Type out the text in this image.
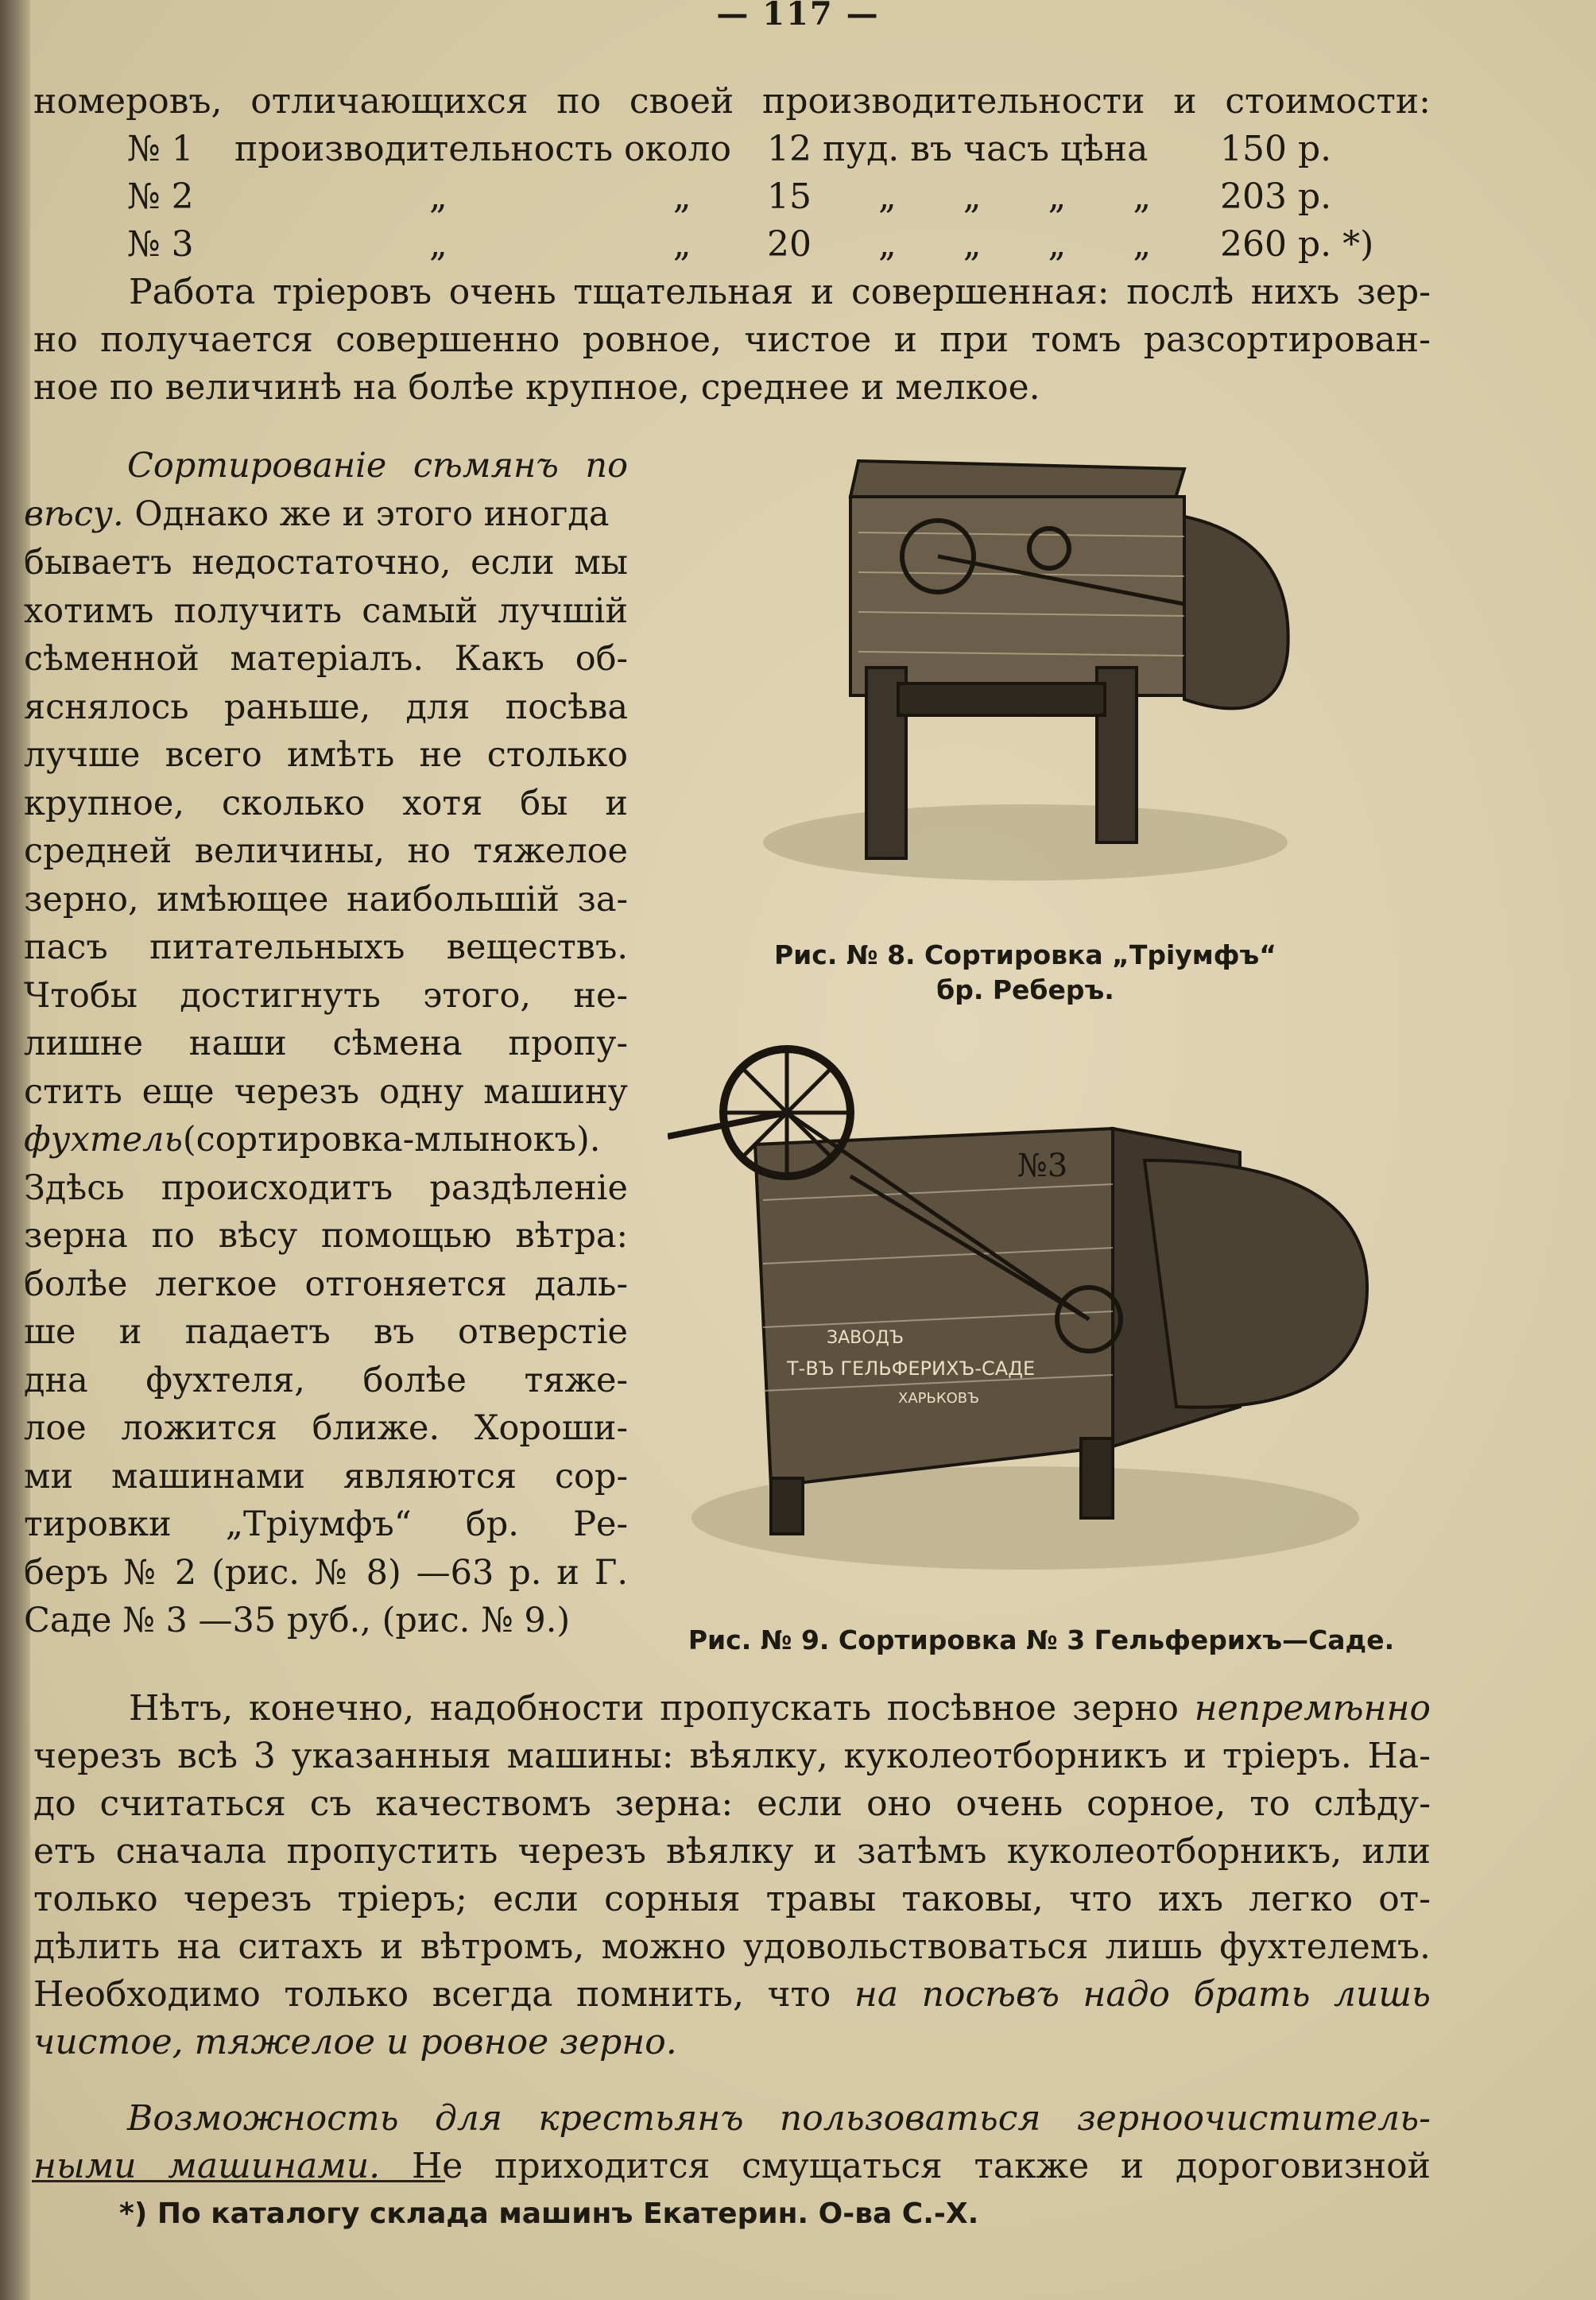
— 117 —
номеровъ, отличающихся по своей производительности и стоимости:
№ 1 производительность около 12 пуд. въ часъ цѣна 150 р.
№ 2	„ „ 15 „ „ „ „ 203 р.
№ 3	„ „ 20 „ „ „ „ 260 р. *)
Работа тріеровъ очень тщательная и совершенная: послѣ нихъ зер-
но получается совершенно ровное, чистое и при томъ разсортирован-
ное по величинѣ на болѣе крупное, среднее и мелкое.
Сортированіе сѣмянъ по
вѣсу. Однако же и этого иногда
бываетъ недостаточно, если мы
хотимъ получить самый лучшій
сѣменной матеріалъ. Какъ об-
яснялось раньше, для посѣва
лучше всего имѣть не столько
крупное, сколько хотя бы и
средней величины, но тяжелое
зерно, имѣющее наибольшій за-
пасъ питательныхъ веществъ.
Чтобы достигнуть этого, не-
лишне наши сѣмена пропу-
стить еще черезъ одну машину
фухтель(сортировка-млынокъ).
Здѣсь происходитъ раздѣленіе
зерна по вѣсу помощью вѣтра:
болѣе легкое отгоняется даль-
ше и падаетъ въ отверстіе
дна фухтеля, болѣе тяже-
лое ложится ближе. Хороши-
ми машинами являются сор-
тировки „Тріумфъ“ бр. Ре-
беръ № 2 (рис. № 8) —63 р. и Г.
Саде № 3 —35 руб., (рис. № 9.)
Рис. № 8. Сортировка „Тріумфъ“
бр. Реберъ.
№3
ЗАВОДЪ
Т-ВЪ ГЕЛЬФЕРИХЪ-САДЕ
ХАРЬКОВЪ
Рис. № 9. Сортировка № 3 Гельферихъ—Саде.
Нѣтъ, конечно, надобности пропускать посѣвное зерно непремѣнно
черезъ всѣ 3 указанныя машины: вѣялку, куколеотборникъ и тріеръ. На-
до считаться съ качествомъ зерна: если оно очень сорное, то слѣду-
етъ сначала пропустить черезъ вѣялку и затѣмъ куколеотборникъ, или
только черезъ тріеръ; если сорныя травы таковы, что ихъ легко от-
дѣлить на ситахъ и вѣтромъ, можно удовольствоваться лишь фухтелемъ.
Необходимо только всегда помнить, что на посѣвъ надо брать лишь
чистое, тяжелое и ровное зерно.
Возможность для крестьянъ пользоваться зерноочиститель-
ными машинами. Не приходится смущаться также и дороговизной
*) По каталогу склада машинъ Екатерин. О-ва С.-Х.
